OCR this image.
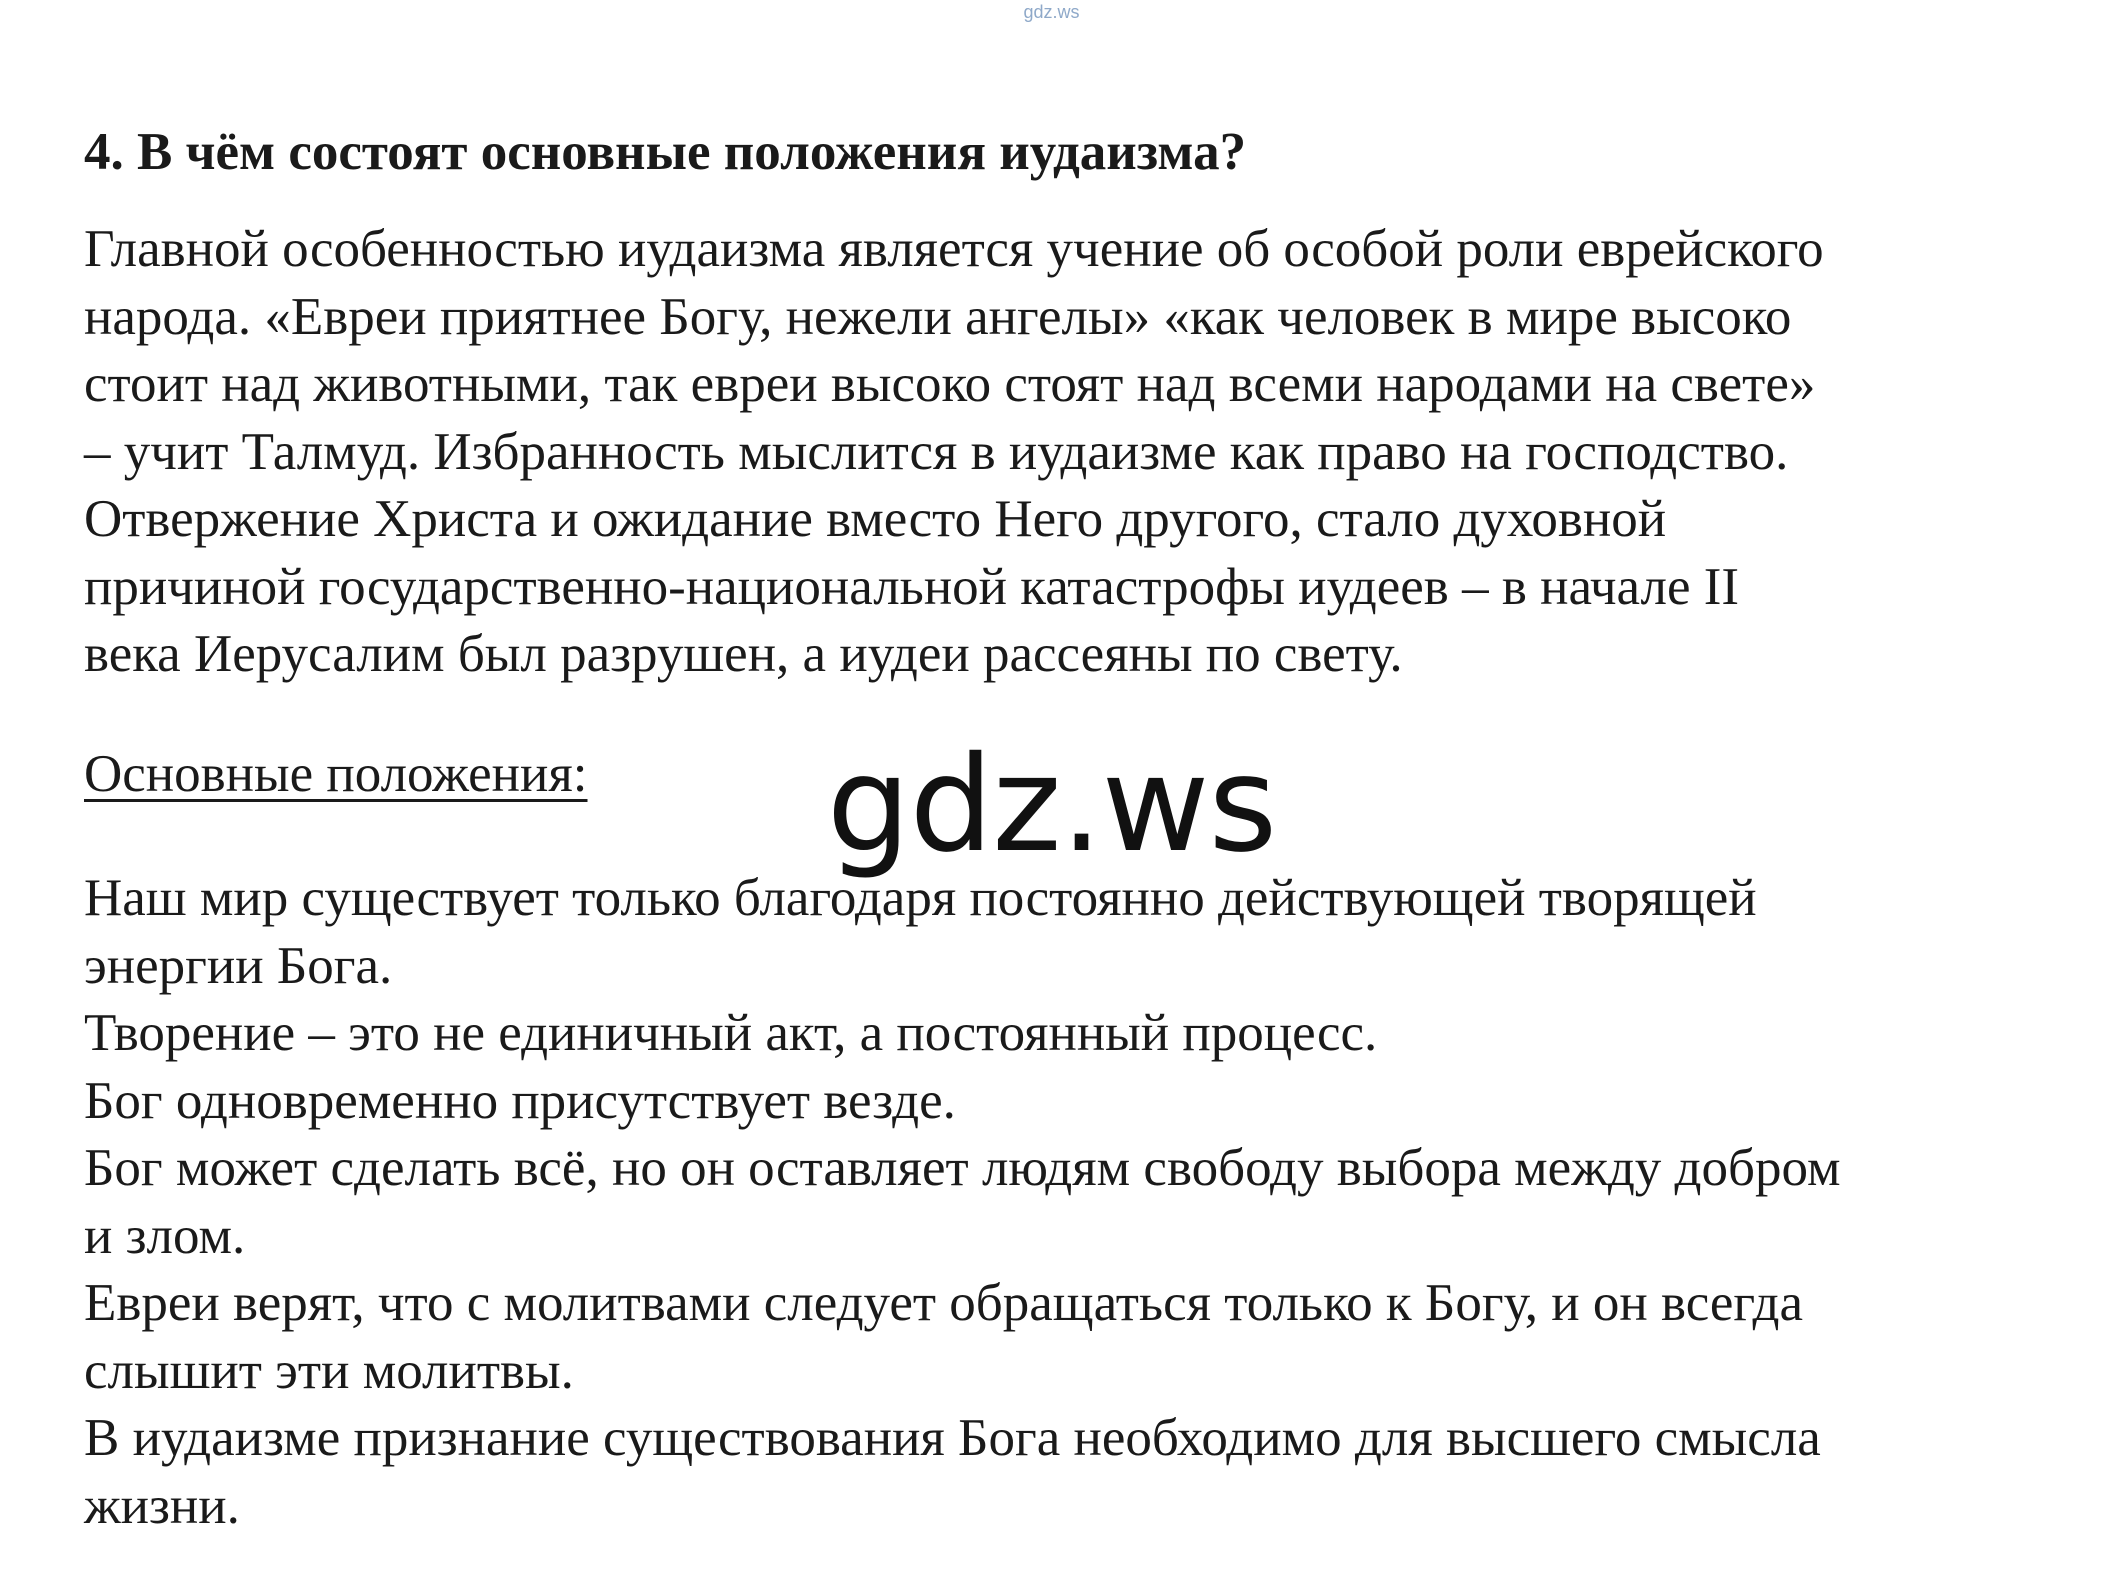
gdz.ws
4. В чём состоят основные положения иудаизма?

Главной особенностью иудаизма является учение об особой роли еврейского
народа. «Евреи приятнее Богу, нежели ангелы» «как человек в мире высоко
стоит над животными, так евреи высоко стоят над всеми народами на свете»
– учит Талмуд. Избранность мыслится в иудаизме как право на господство.
Отвержение Христа и ожидание вместо Него другого, стало духовной
причиной государственно-национальной катастрофы иудеев – в начале II
века Иерусалим был разрушен, а иудеи рассеяны по свету.

Основные положения:

Наш мир существует только благодаря постоянно действующей творящей
энергии Бога.
Творение – это не единичный акт, а постоянный процесс.
Бог одновременно присутствует везде.
Бог может сделать всё, но он оставляет людям свободу выбора между добром
и злом.
Евреи верят, что с молитвами следует обращаться только к Богу, и он всегда
слышит эти молитвы.
В иудаизме признание существования Бога необходимо для высшего смысла
жизни.

gdz.ws
